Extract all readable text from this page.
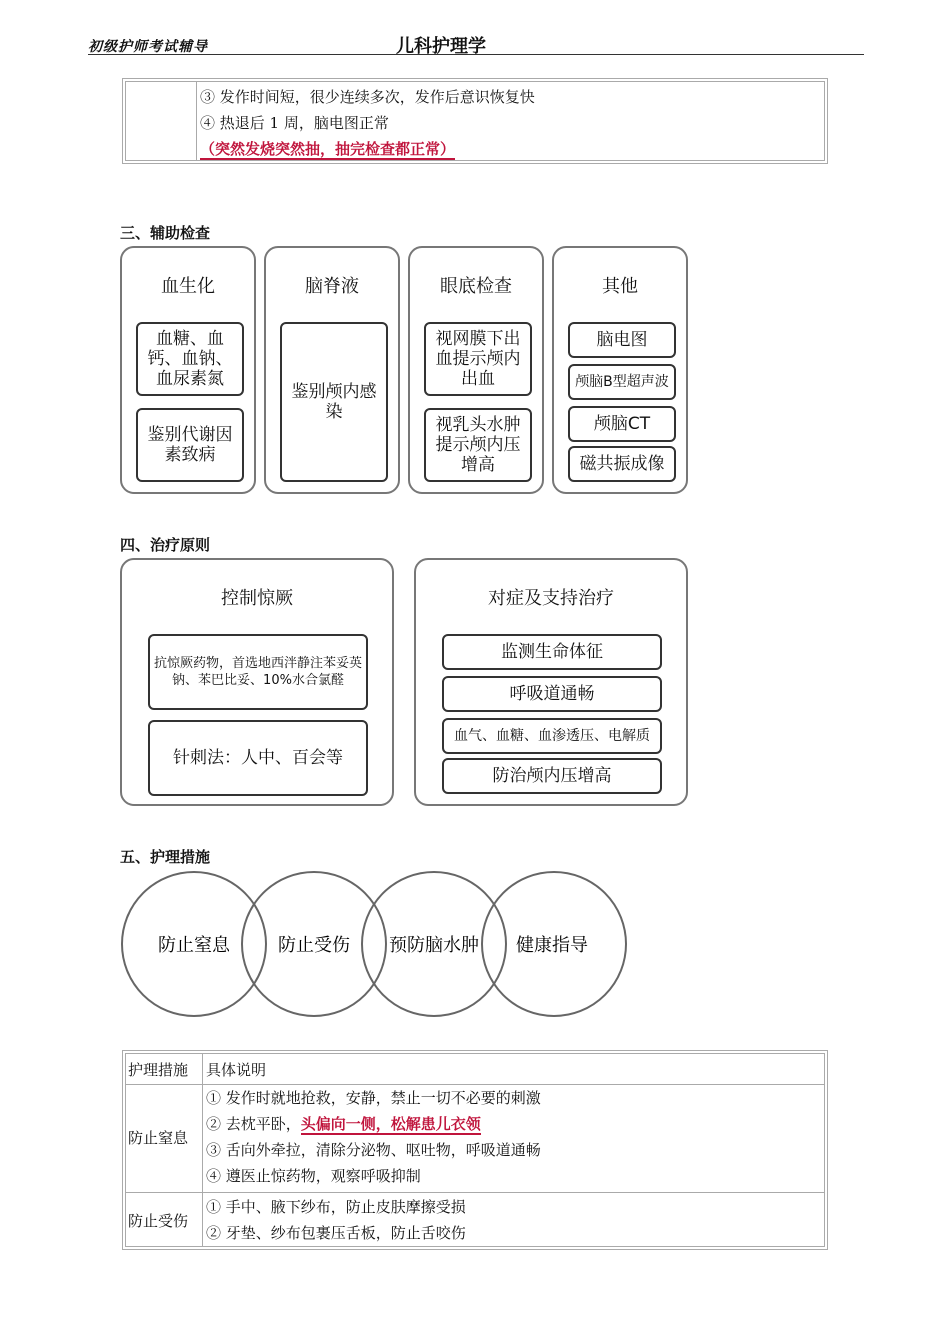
初级护师考试辅导	儿科护理学
③ 发作时间短，很少连续多次，发作后意识恢复快
④ 热退后 1 周，脑电图正常
（突然发烧突然抽，抽完检查都正常）
三、辅助检查
血生化
血糖、血钙、血钠、血尿素氮
鉴别代谢因素致病
脑脊液
鉴别颅内感染
眼底检查
视网膜下出血提示颅内出血
视乳头水肿提示颅内压增高
其他
脑电图
颅脑B型超声波
颅脑CT
磁共振成像
四、治疗原则
控制惊厥
抗惊厥药物，首选地西泮静注苯妥英钠、苯巴比妥、10%水合氯醛
针刺法：人中、百会等
对症及支持治疗
监测生命体征
呼吸道通畅
血气、血糖、血渗透压、电解质
防治颅内压增高
五、护理措施
防止窒息	防止受伤 预防脑水肿 健康指导
护理措施 具体说明
防止窒息
① 发作时就地抢救，安静，禁止一切不必要的刺激
② 去枕平卧，头偏向一侧，松解患儿衣领
③ 舌向外牵拉，清除分泌物、呕吐物，呼吸道通畅
④ 遵医止惊药物，观察呼吸抑制
防止受伤
① 手中、腋下纱布，防止皮肤摩擦受损
② 牙垫、纱布包裹压舌板，防止舌咬伤
